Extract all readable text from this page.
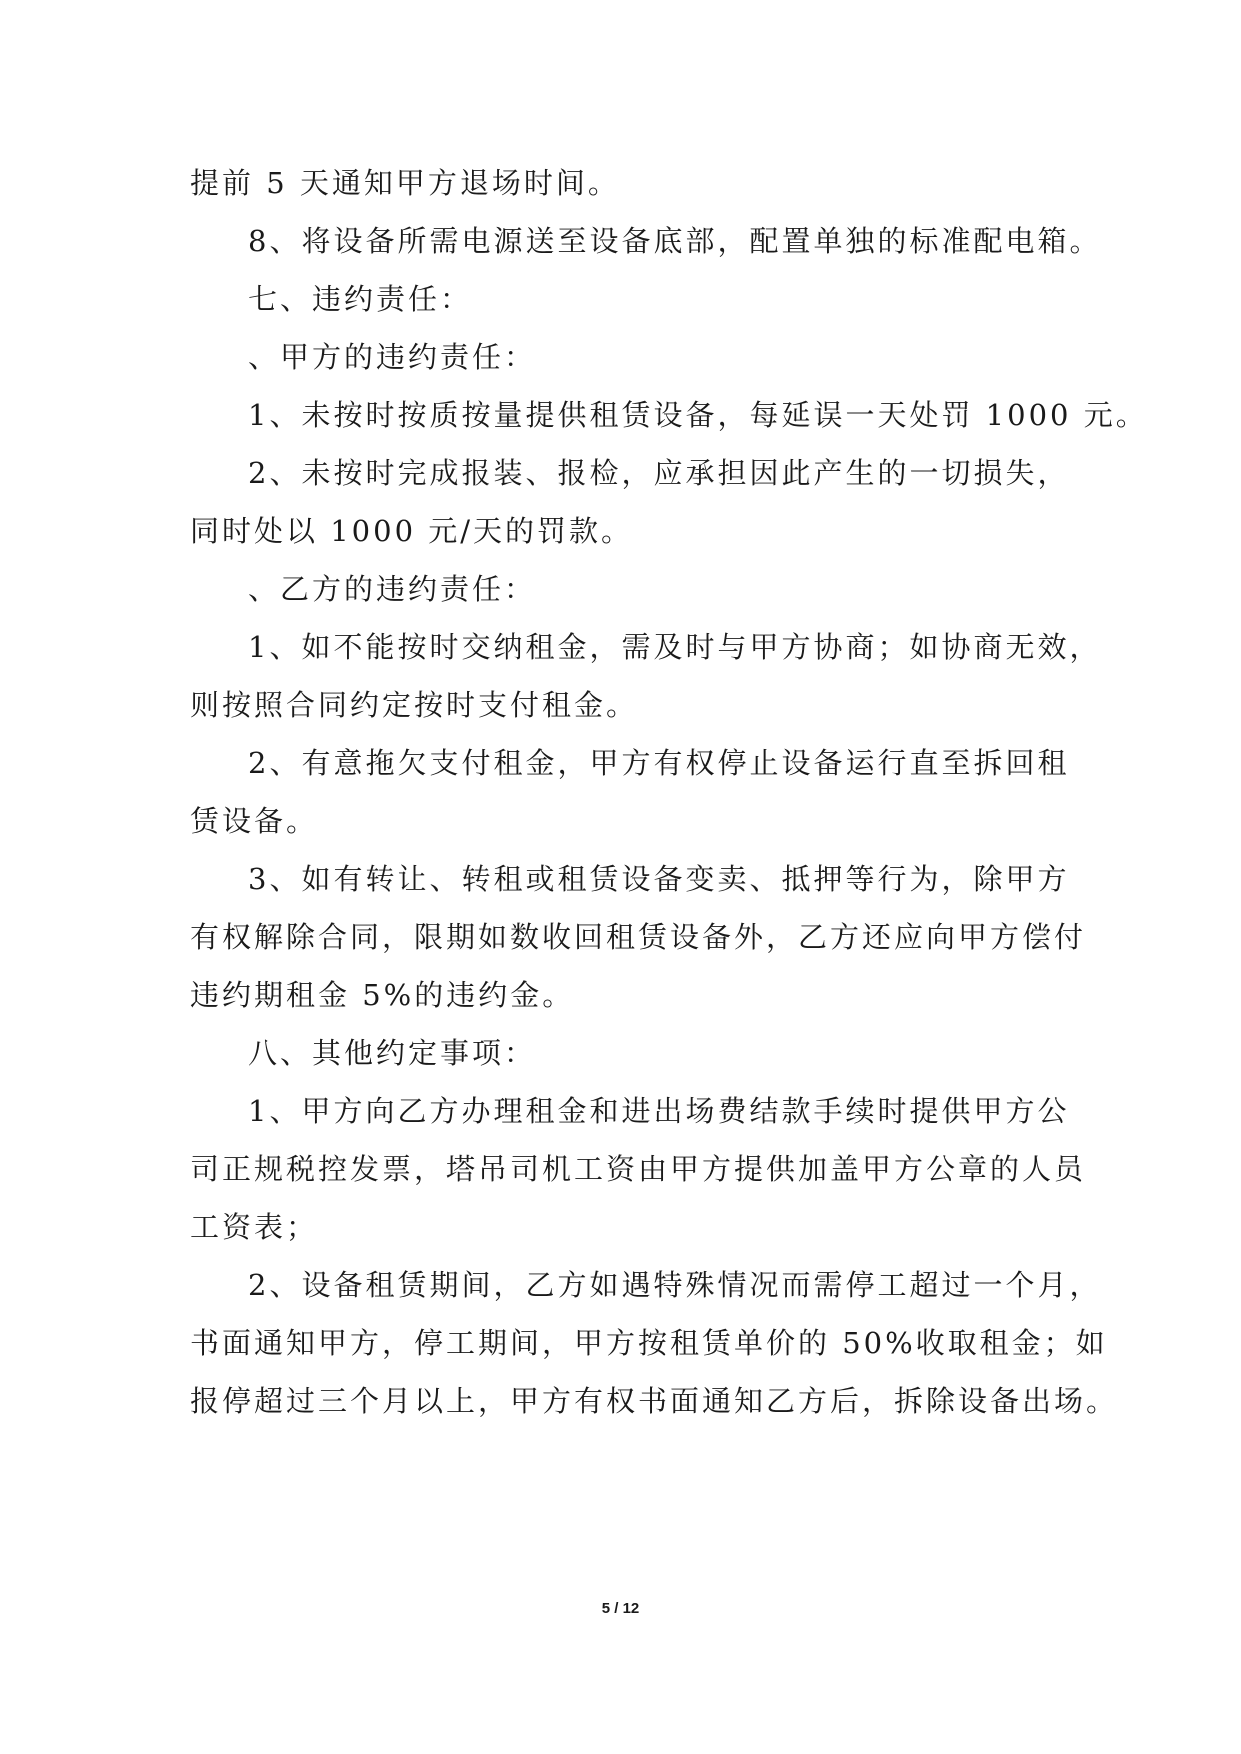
提前 5 天通知甲方退场时间。

8、将设备所需电源送至设备底部，配置单独的标准配电箱。

七、违约责任：

、甲方的违约责任：

1、未按时按质按量提供租赁设备，每延误一天处罚 1000 元。

2、未按时完成报装、报检，应承担因此产生的一切损失，

同时处以 1000 元/天的罚款。

、乙方的违约责任：

1、如不能按时交纳租金，需及时与甲方协商；如协商无效，

则按照合同约定按时支付租金。

2、有意拖欠支付租金，甲方有权停止设备运行直至拆回租

赁设备。

3、如有转让、转租或租赁设备变卖、抵押等行为，除甲方

有权解除合同，限期如数收回租赁设备外，乙方还应向甲方偿付

违约期租金 5%的违约金。

八、其他约定事项：

1、甲方向乙方办理租金和进出场费结款手续时提供甲方公

司正规税控发票，塔吊司机工资由甲方提供加盖甲方公章的人员

工资表；

2、设备租赁期间，乙方如遇特殊情况而需停工超过一个月，

书面通知甲方，停工期间，甲方按租赁单价的 50%收取租金；如

报停超过三个月以上，甲方有权书面通知乙方后，拆除设备出场。

5 / 12
